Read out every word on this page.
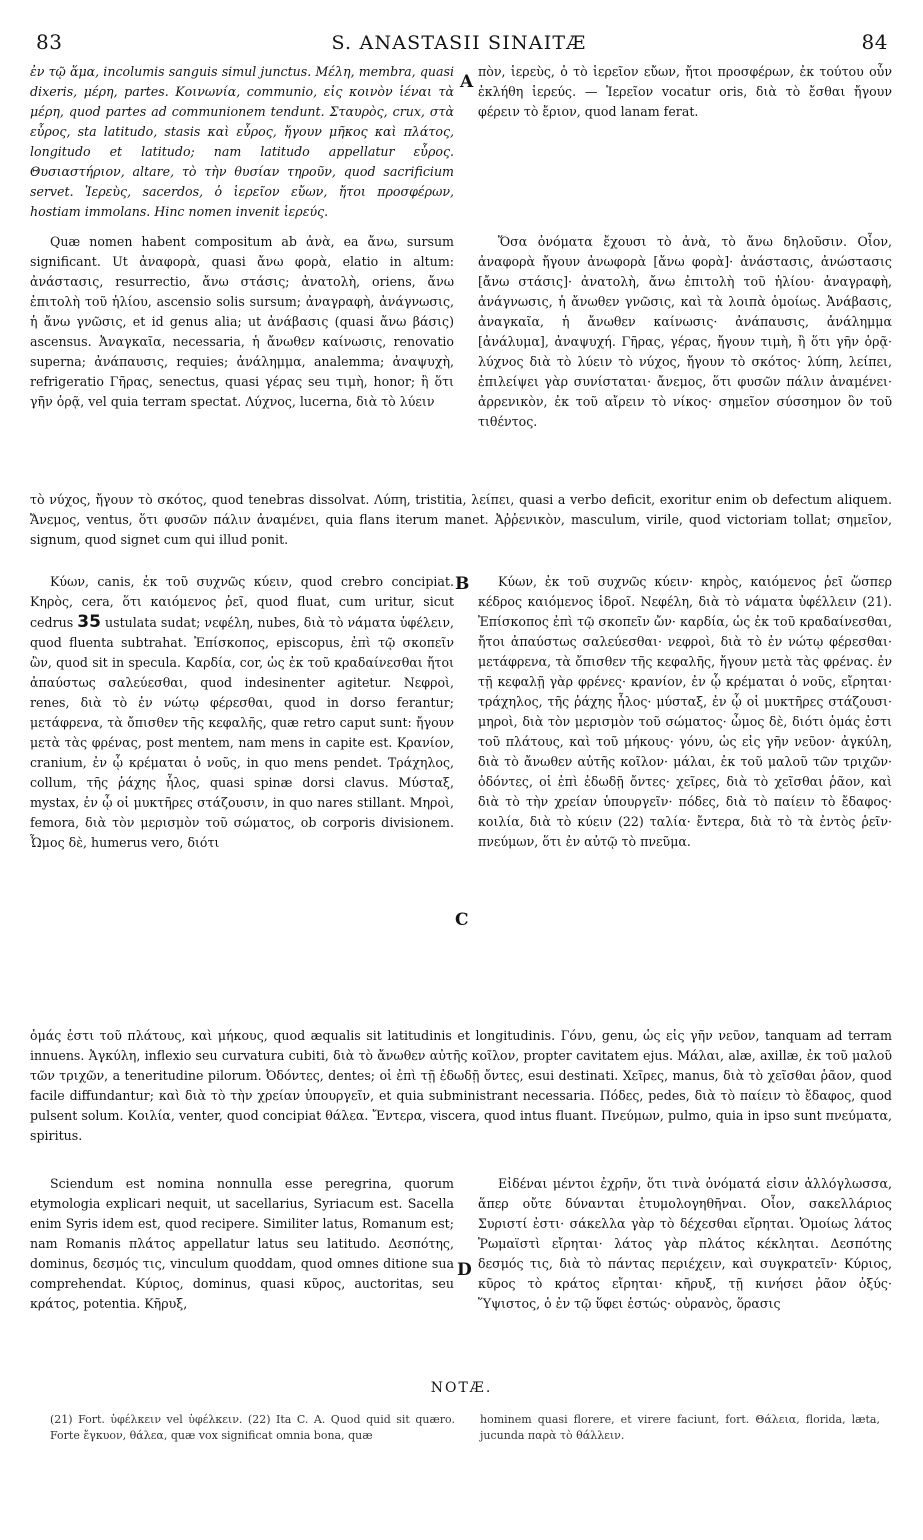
83	S. ANASTASII SINAITÆ	84

ἐν τῷ ἅμα, incolumis sanguis simul junctus. Μέλη, membra, quasi dixeris, μέρη, partes. Κοινωνία, communio, εἰς κοινὸν ἰέναι τὰ μέρη, quod partes ad communionem tendunt. Σταυρὸς, crux, στὰ εὖρος, sta latitudo, stasis καὶ εὖρος, ἤγουν μῆκος καὶ πλάτος, longitudo et latitudo; nam latitudo appellatur εὖρος. Θυσιαστήριον, altare, τὸ τὴν θυσίαν τηροῦν, quod sacrificium servet. Ἱερεὺς, sacerdos, ὁ ἱερεῖον εὔων, ἤτοι προσφέρων, hostiam immolans. Hinc nomen invenit ἱερεύς.

A

πὸν, ἱερεὺς, ὁ τὸ ἱερεῖον εὔων, ἤτοι προσφέρων, ἐκ τούτου οὖν ἐκλήθη ἱερεύς. — Ἱερεῖον vocatur oris, διὰ τὸ ἔσθαι ἤγουν φέρειν τὸ ἔριον, quod lanam ferat.

Quæ nomen habent compositum ab ἀνὰ, ea ἄνω, sursum significant. Ut ἀναφορὰ, quasi ἄνω φορὰ, elatio in altum: ἀνάστασις, resurrectio, ἄνω στάσις; ἀνατολὴ, oriens, ἄνω ἐπιτολὴ τοῦ ἡλίου, ascensio solis sursum; ἀναγραφὴ, ἀνάγνωσις, ἡ ἄνω γνῶσις, et id genus alia; ut ἀνάβασις (quasi ἄνω βάσις) ascensus. Ἀναγκαῖα, necessaria, ἡ ἄνωθεν καίνωσις, renovatio superna; ἀνάπαυσις, requies; ἀνάλημμα, analemma; ἀναψυχὴ, refrigeratio Γῆρας, senectus, quasi γέρας seu τιμὴ, honor; ἢ ὅτι γῆν ὁρᾷ, vel quia terram spectat. Λύχνος, lucerna, διὰ τὸ λύειν

Ὅσα ὀνόματα ἔχουσι τὸ ἀνὰ, τὸ ἄνω δηλοῦσιν. Οἷον, ἀναφορὰ ἤγουν ἀνωφορὰ [ἄνω φορὰ]· ἀνάστασις, ἀνώστασις [ἄνω στάσις]· ἀνατολὴ, ἄνω ἐπιτολὴ τοῦ ἡλίου· ἀναγραφὴ, ἀνάγνωσις, ἡ ἄνωθεν γνῶσις, καὶ τὰ λοιπὰ ὁμοίως. Ἀνάβασις, ἀναγκαῖα, ἡ ἄνωθεν καίνωσις· ἀνάπαυσις, ἀνάλημμα [ἀνάλυμα], ἀναψυχή. Γῆρας, γέρας, ἤγουν τιμὴ, ἢ ὅτι γῆν ὁρᾷ· λύχνος διὰ τὸ λύειν τὸ νύχος, ἤγουν τὸ σκότος· λύπη, λείπει, ἐπιλείψει γὰρ συνίσταται· ἄνεμος, ὅτι φυσῶν πάλιν ἀναμένει· ἀρρενικὸν, ἐκ τοῦ αἴρειν τὸ νίκος· σημεῖον σύσσημον ὂν τοῦ τιθέντος.

τὸ νύχος, ἤγουν τὸ σκότος, quod tenebras dissolvat. Λύπη, tristitia, λείπει, quasi a verbo deficit, exoritur enim ob defectum aliquem. Ἄνεμος, ventus, ὅτι φυσῶν πάλιν ἀναμένει, quia flans iterum manet. Ἀῤῥενικὸν, masculum, virile, quod victoriam tollat; σημεῖον, signum, quod signet cum qui illud ponit.

Κύων, canis, ἐκ τοῦ συχνῶς κύειν, quod crebro concipiat. Κηρὸς, cera, ὅτι καιόμενος ῥεῖ, quod fluat, cum uritur, sicut cedrus 35 ustulata sudat; νεφέλη, nubes, διὰ τὸ νάματα ὑφέλειν, quod fluenta subtrahat. Ἐπίσκοπος, episcopus, ἐπὶ τῷ σκοπεῖν ὢν, quod sit in specula. Καρδία, cor, ὡς ἐκ τοῦ κραδαίνεσθαι ἤτοι ἀπαύστως σαλεύεσθαι, quod indesinenter agitetur. Νεφροὶ, renes, διὰ τὸ ἐν νώτῳ φέρεσθαι, quod in dorso ferantur; μετάφρενα, τὰ ὄπισθεν τῆς κεφαλῆς, quæ retro caput sunt: ἤγουν μετὰ τὰς φρένας, post mentem, nam mens in capite est. Κρανίον, cranium, ἐν ᾧ κρέμαται ὁ νοῦς, in quo mens pendet. Τράχηλος, collum, τῆς ῥάχης ἧλος, quasi spinæ dorsi clavus. Μύσταξ, mystax, ἐν ᾧ οἱ μυκτῆρες στάζουσιν, in quo nares stillant. Μηροὶ, femora, διὰ τὸν μερισμὸν τοῦ σώματος, ob corporis divisionem. Ὦμος δὲ, humerus vero, διότι

B
C

Κύων, ἐκ τοῦ συχνῶς κύειν· κηρὸς, καιόμενος ῥεῖ ὥσπερ κέδρος καιόμενος ἱδροῖ. Νεφέλη, διὰ τὸ νάματα ὑφέλλειν (21). Ἐπίσκοπος ἐπὶ τῷ σκοπεῖν ὤν· καρδία, ὡς ἐκ τοῦ κραδαίνεσθαι, ἤτοι ἀπαύστως σαλεύεσθαι· νεφροὶ, διὰ τὸ ἐν νώτῳ φέρεσθαι· μετάφρενα, τὰ ὄπισθεν τῆς κεφαλῆς, ἤγουν μετὰ τὰς φρένας. ἐν τῇ κεφαλῇ γὰρ φρένες· κρανίον, ἐν ᾧ κρέμαται ὁ νοῦς, εἴρηται· τράχηλος, τῆς ῥάχης ἧλος· μύσταξ, ἐν ᾧ οἱ μυκτῆρες στάζουσι· μηροὶ, διὰ τὸν μερισμὸν τοῦ σώματος· ὦμος δὲ, διότι ὁμάς ἐστι τοῦ πλάτους, καὶ τοῦ μήκους· γόνυ, ὡς εἰς γῆν νεῦον· ἀγκύλη, διὰ τὸ ἄνωθεν αὐτῆς κοῖλον· μάλαι, ἐκ τοῦ μαλοῦ τῶν τριχῶν· ὀδόντες, οἱ ἐπὶ ἐδωδῇ ὄντες· χεῖρες, διὰ τὸ χεῖσθαι ῥᾶον, καὶ διὰ τὸ τὴν χρείαν ὑπουργεῖν· πόδες, διὰ τὸ παίειν τὸ ἔδαφος· κοιλία, διὰ τὸ κύειν (22) ταλία· ἔντερα, διὰ τὸ τὰ ἐντὸς ῥεῖν· πνεύμων, ὅτι ἐν αὐτῷ τὸ πνεῦμα.

ὁμάς ἐστι τοῦ πλάτους, καὶ μήκους, quod æqualis sit latitudinis et longitudinis. Γόνυ, genu, ὡς εἰς γῆν νεῦον, tanquam ad terram innuens. Ἀγκύλη, inflexio seu curvatura cubiti, διὰ τὸ ἄνωθεν αὐτῆς κοῖλον, propter cavitatem ejus. Μάλαι, alæ, axillæ, ἐκ τοῦ μαλοῦ τῶν τριχῶν, a teneritudine pilorum. Ὀδόντες, dentes; οἱ ἐπὶ τῇ ἐδωδῇ ὄντες, esui destinati. Χεῖρες, manus, διὰ τὸ χεῖσθαι ῥᾶον, quod facile diffundantur; καὶ διὰ τὸ τὴν χρείαν ὑπουργεῖν, et quia subministrant necessaria. Πόδες, pedes, διὰ τὸ παίειν τὸ ἔδαφος, quod pulsent solum. Κοιλία, venter, quod concipiat θάλεα. Ἔντερα, viscera, quod intus fluant. Πνεύμων, pulmo, quia in ipso sunt πνεύματα, spiritus.

Sciendum est nomina nonnulla esse peregrina, quorum etymologia explicari nequit, ut sacellarius, Syriacum est. Sacella enim Syris idem est, quod recipere. Similiter latus, Romanum est; nam Romanis πλάτος appellatur latus seu latitudo. Δεσπότης, dominus, δεσμός τις, vinculum quoddam, quod omnes ditione sua comprehendat. Κύριος, dominus, quasi κῦρος, auctoritas, seu κράτος, potentia. Κῆρυξ,

D

Εἰδέναι μέντοι ἐχρῆν, ὅτι τινὰ ὀνόματά εἰσιν ἀλλόγλωσσα, ἅπερ οὔτε δύνανται ἐτυμολογηθῆναι. Οἷον, σακελλάριος Συριστί ἐστι· σάκελλα γὰρ τὸ δέχεσθαι εἴρηται. Ὁμοίως λάτος Ῥωμαϊστὶ εἴρηται· λάτος γὰρ πλάτος κέκληται. Δεσπότης δεσμός τις, διὰ τὸ πάντας περιέχειν, καὶ συγκρατεῖν· Κύριος, κῦρος τὸ κράτος εἴρηται· κῆρυξ, τῇ κινήσει ῥᾶον ὀξύς· Ὕψιστος, ὁ ἐν τῷ ὕφει ἑστώς· οὐρανὸς, ὅρασις

NOTÆ.

(21) Fort. ὑφέλκειν vel ὑφέλκειν. (22) Ita C. A. Quod quid sit quæro. Forte ἔγκυον, θάλεα, quæ vox significat omnia bona, quæ

hominem quasi florere, et virere faciunt, fort. Θάλεια, florida, læta, jucunda παρὰ τὸ θάλλειν.
